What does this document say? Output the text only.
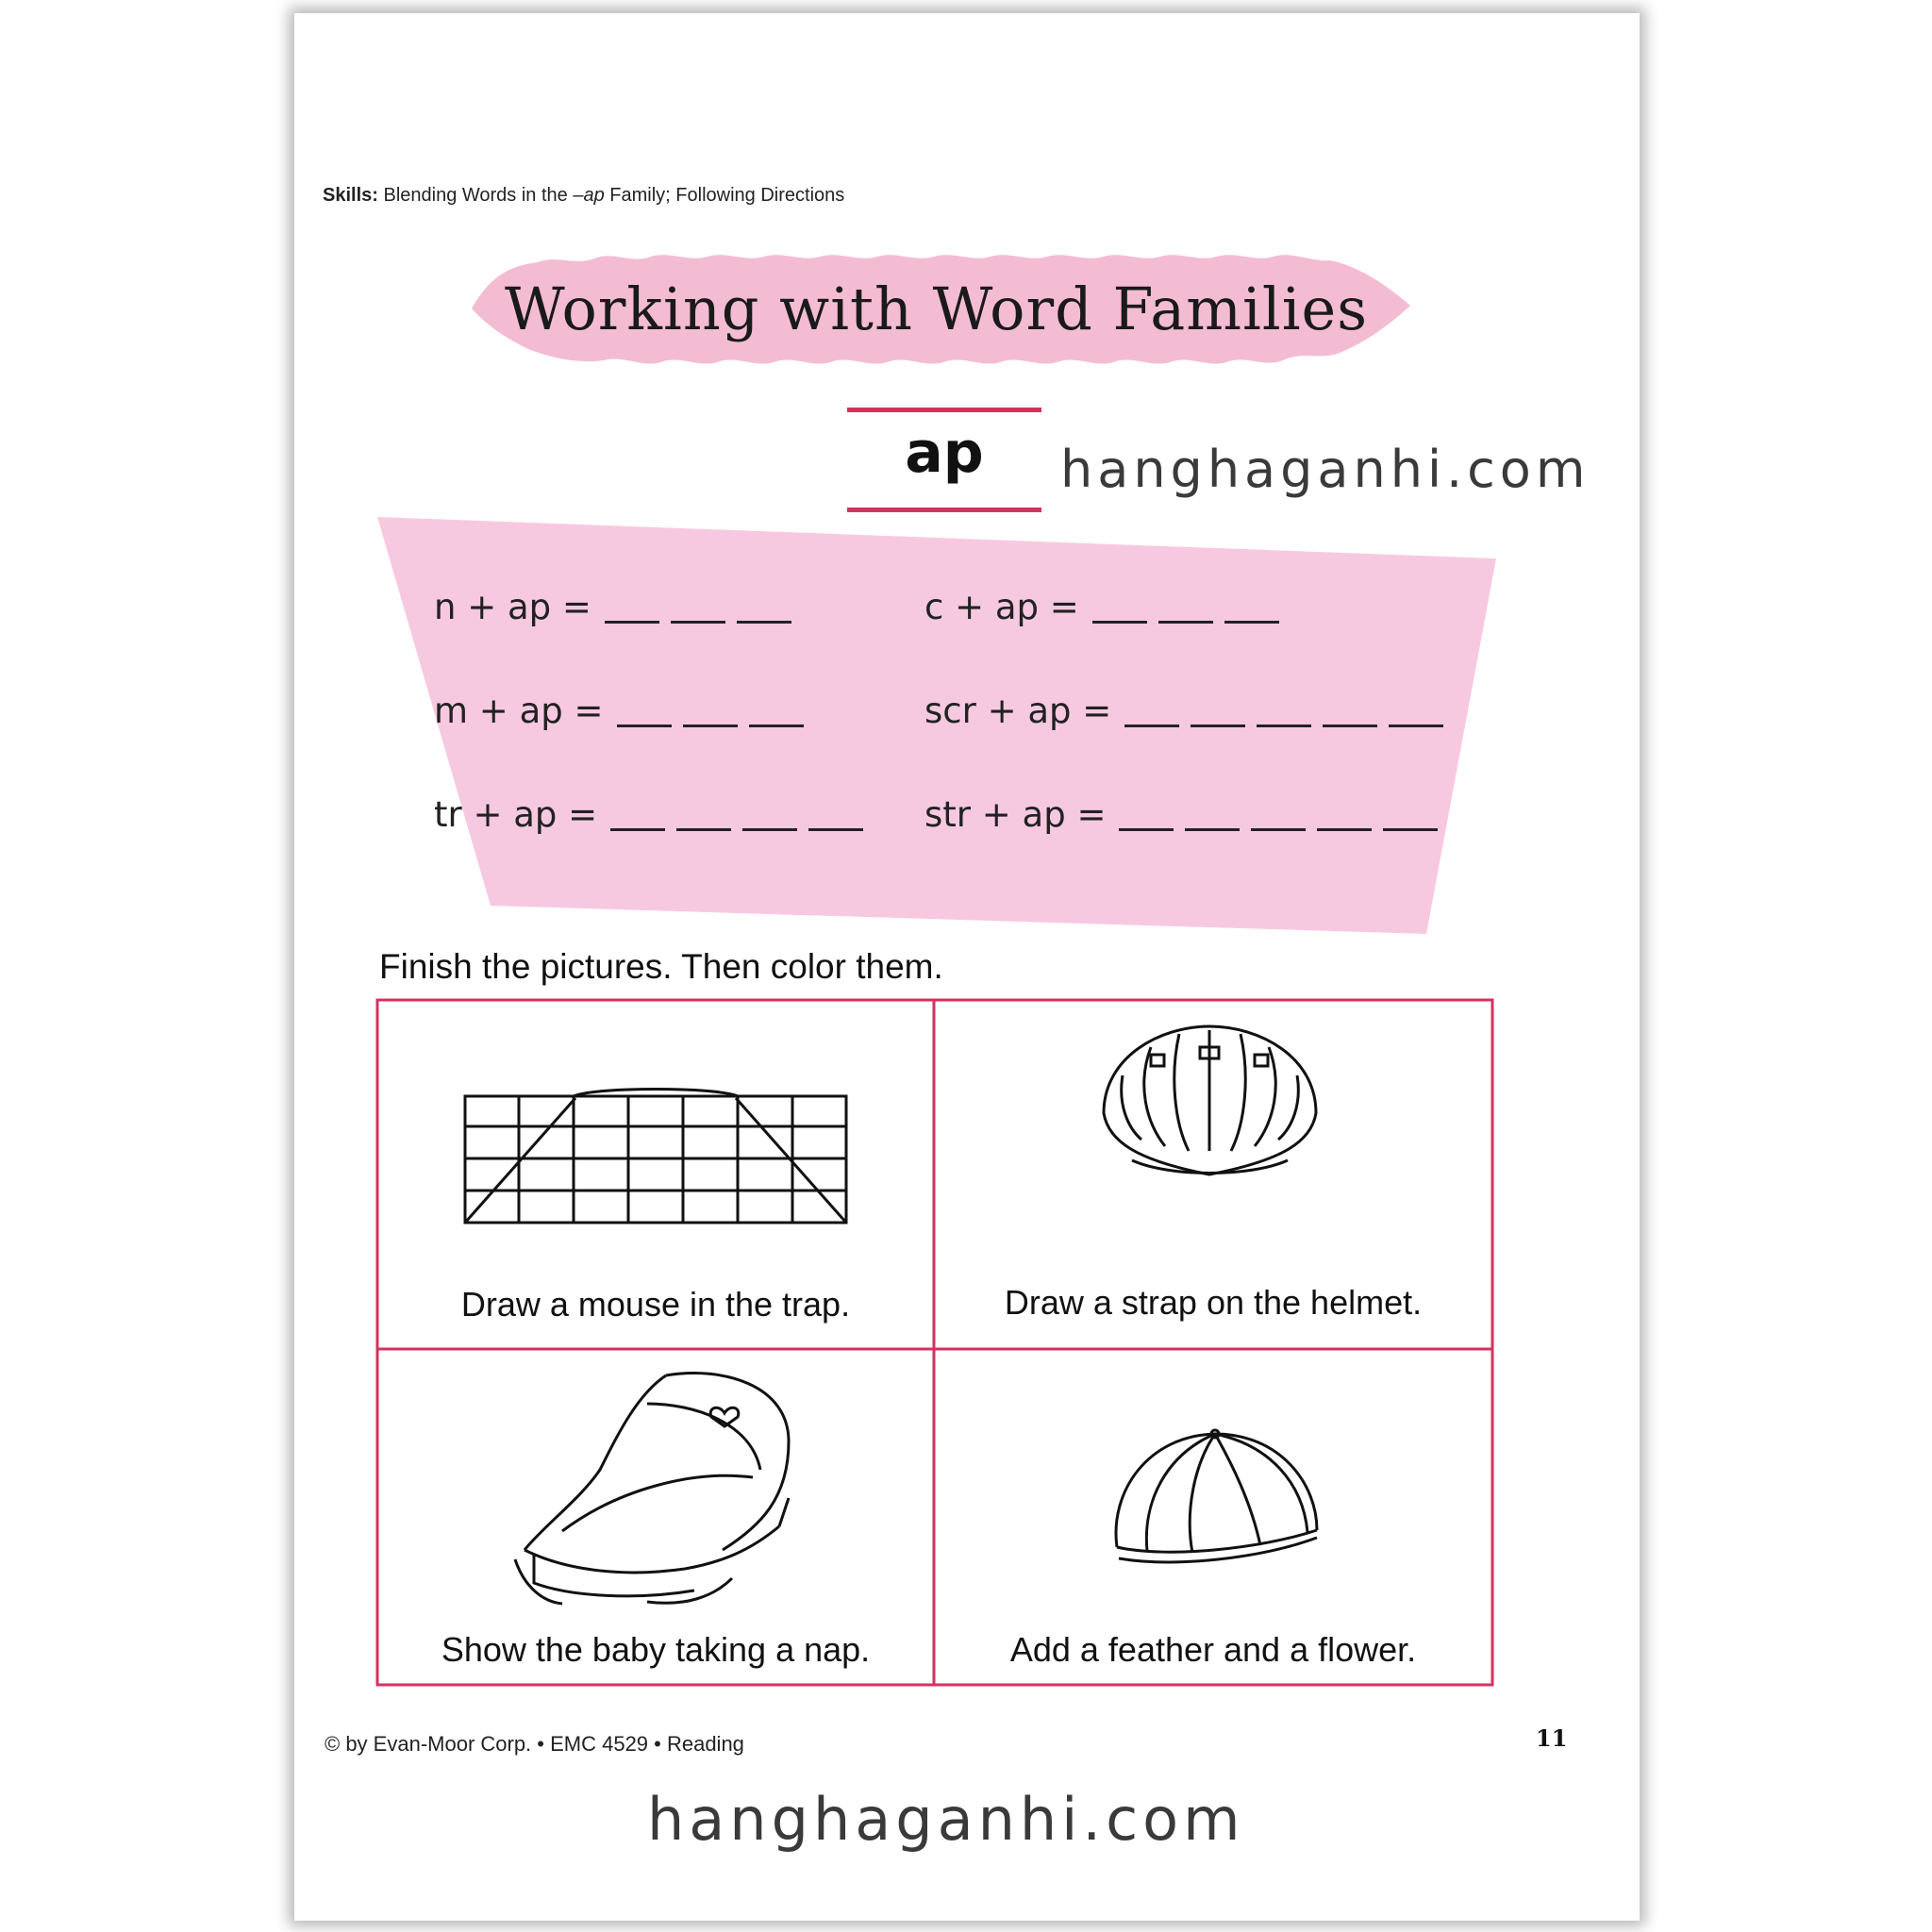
Skills: Blending Words in the –ap Family; Following Directions
Working with Word Families
ap	hanghaganhi.com
n + ap =	c + ap =
m + ap =	scr + ap =
tr + ap =	str + ap =
Finish the pictures. Then color them.
Draw a mouse in the trap.	Draw a strap on the helmet.
Show the baby taking a nap.	Add a feather and a flower.
© by Evan-Moor Corp. • EMC 4529 • Reading	11
hanghaganhi.com
